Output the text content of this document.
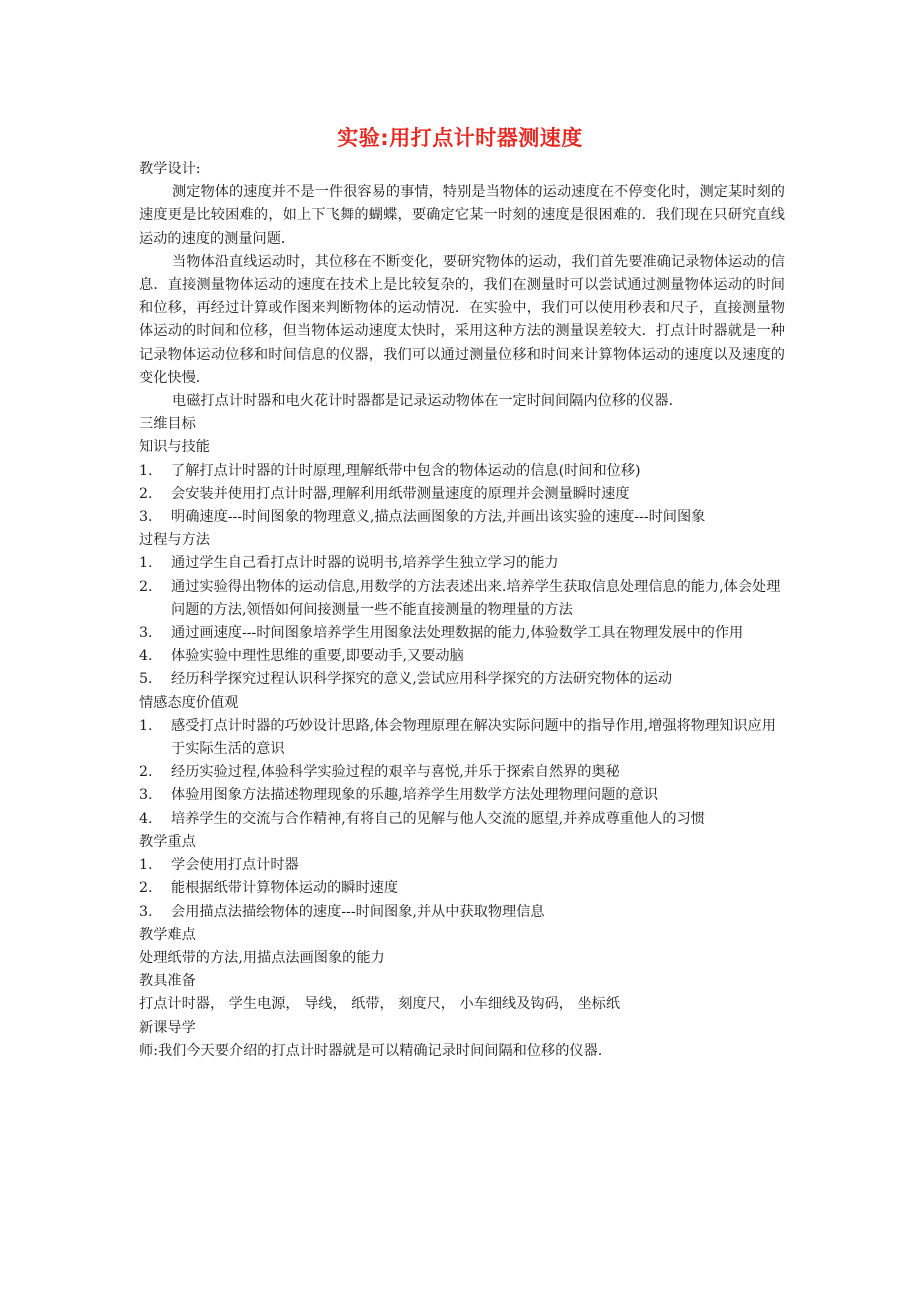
实验:用打点计时器测速度

教学设计:

测定物体的速度并不是一件很容易的事情，特别是当物体的运动速度在不停变化时，测定某时刻的速度更是比较困难的，如上下飞舞的蝴蝶，要确定它某一时刻的速度是很困难的．我们现在只研究直线运动的速度的测量问题．

当物体沿直线运动时，其位移在不断变化，要研究物体的运动，我们首先要准确记录物体运动的信息．直接测量物体运动的速度在技术上是比较复杂的，我们在测量时可以尝试通过测量物体运动的时间和位移，再经过计算或作图来判断物体的运动情况．在实验中，我们可以使用秒表和尺子，直接测量物体运动的时间和位移，但当物体运动速度太快时，采用这种方法的测量误差较大．打点计时器就是一种记录物体运动位移和时间信息的仪器，我们可以通过测量位移和时间来计算物体运动的速度以及速度的变化快慢．

电磁打点计时器和电火花计时器都是记录运动物体在一定时间间隔内位移的仪器．

三维目标

知识与技能

1. 了解打点计时器的计时原理,理解纸带中包含的物体运动的信息(时间和位移)
2. 会安装并使用打点计时器,理解利用纸带测量速度的原理并会测量瞬时速度
3. 明确速度---时间图象的物理意义,描点法画图象的方法,并画出该实验的速度---时间图象

过程与方法

1. 通过学生自己看打点计时器的说明书,培养学生独立学习的能力
2. 通过实验得出物体的运动信息,用数学的方法表述出来.培养学生获取信息处理信息的能力,体会处理问题的方法,领悟如何间接测量一些不能直接测量的物理量的方法
3. 通过画速度---时间图象培养学生用图象法处理数据的能力,体验数学工具在物理发展中的作用
4. 体验实验中理性思维的重要,即要动手,又要动脑
5. 经历科学探究过程认识科学探究的意义,尝试应用科学探究的方法研究物体的运动

情感态度价值观

1. 感受打点计时器的巧妙设计思路,体会物理原理在解决实际问题中的指导作用,增强将物理知识应用于实际生活的意识
2. 经历实验过程,体验科学实验过程的艰辛与喜悦,并乐于探索自然界的奥秘
3. 体验用图象方法描述物理现象的乐趣,培养学生用数学方法处理物理问题的意识
4. 培养学生的交流与合作精神,有将自己的见解与他人交流的愿望,并养成尊重他人的习惯

教学重点

1. 学会使用打点计时器
2. 能根据纸带计算物体运动的瞬时速度
3. 会用描点法描绘物体的速度---时间图象,并从中获取物理信息

教学难点

处理纸带的方法,用描点法画图象的能力

教具准备

打点计时器， 学生电源， 导线， 纸带， 刻度尺， 小车细线及钩码， 坐标纸

新课导学

师:我们今天要介绍的打点计时器就是可以精确记录时间间隔和位移的仪器.
